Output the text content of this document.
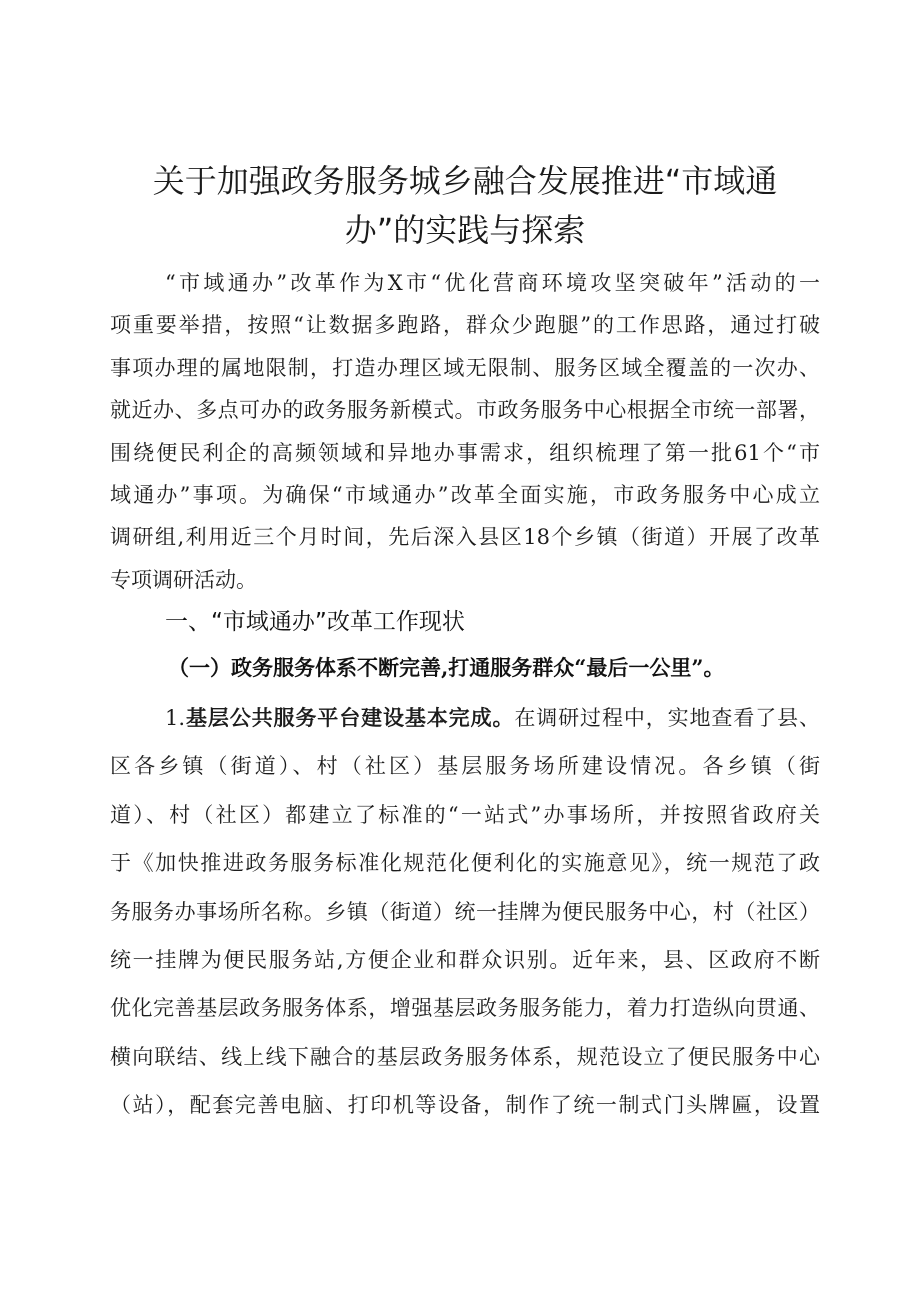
关于加强政务服务城乡融合发展推进“市域通
办”的实践与探索
“市域通办”改革作为X市“优化营商环境攻坚突破年”活动的一
项重要举措，按照“让数据多跑路，群众少跑腿”的工作思路，通过打破
事项办理的属地限制，打造办理区域无限制、服务区域全覆盖的一次办、
就近办、多点可办的政务服务新模式。市政务服务中心根据全市统一部署，
围绕便民利企的高频领域和异地办事需求，组织梳理了第一批61个“市
域通办”事项。为确保“市域通办”改革全面实施，市政务服务中心成立
调研组,利用近三个月时间，先后深入县区18个乡镇（街道）开展了改革
专项调研活动。
一、“市域通办”改革工作现状
（一）政务服务体系不断完善,打通服务群众“最后一公里”。
1.基层公共服务平台建设基本完成。在调研过程中，实地查看了县、
区各乡镇（街道）、村（社区）基层服务场所建设情况。各乡镇（街
道）、村（社区）都建立了标准的“一站式”办事场所，并按照省政府关
于《加快推进政务服务标准化规范化便利化的实施意见》，统一规范了政
务服务办事场所名称。乡镇（街道）统一挂牌为便民服务中心，村（社区）
统一挂牌为便民服务站,方便企业和群众识别。近年来，县、区政府不断
优化完善基层政务服务体系，增强基层政务服务能力，着力打造纵向贯通、
横向联结、线上线下融合的基层政务服务体系，规范设立了便民服务中心
（站），配套完善电脑、打印机等设备，制作了统一制式门头牌匾，设置
